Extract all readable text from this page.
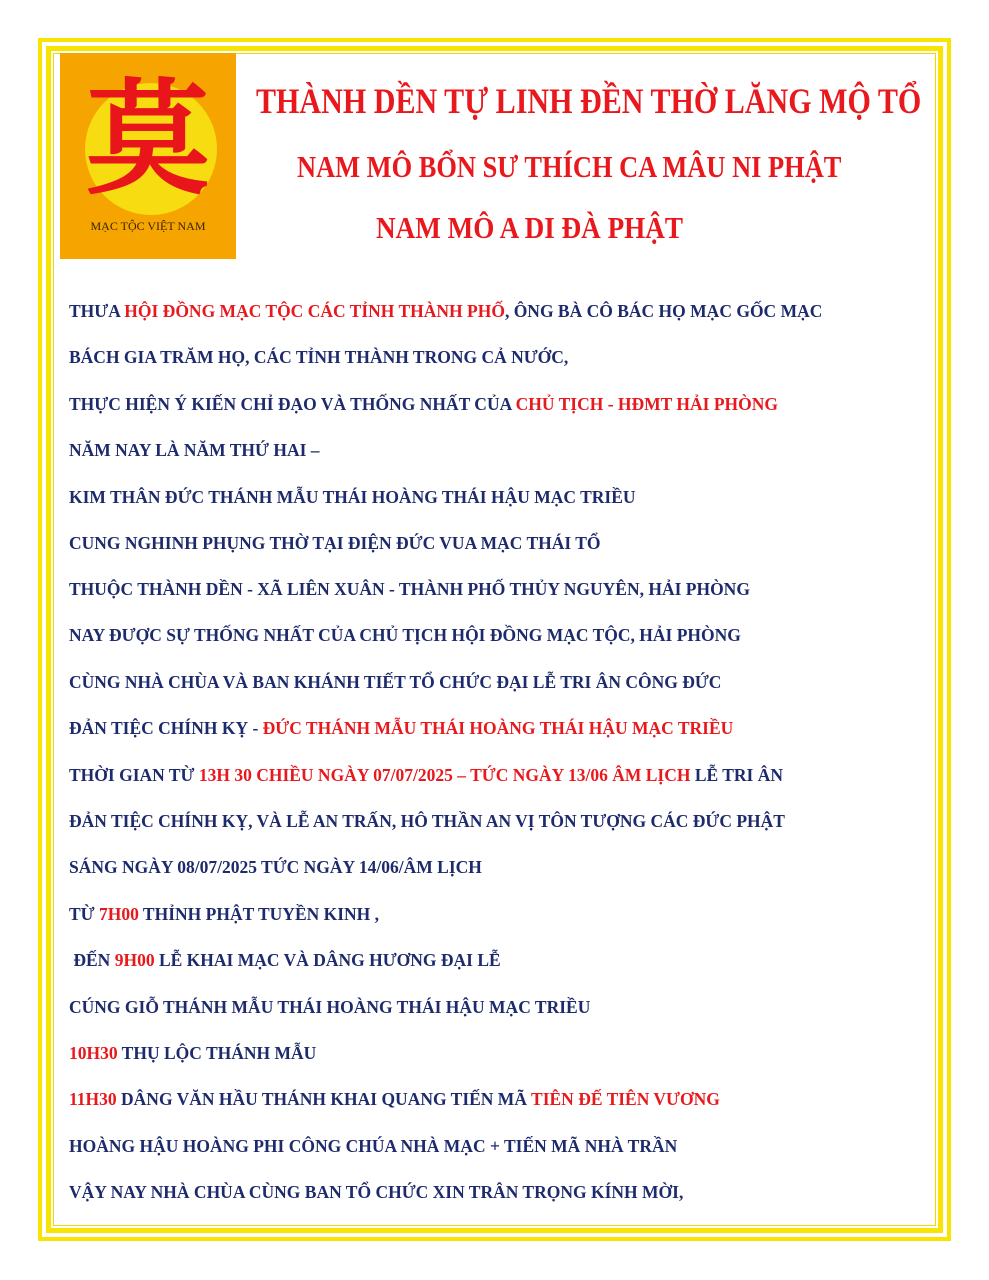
莫
MẠC TỘC VIỆT NAM
THÀNH DỀN TỰ LINH ĐỀN THỜ LĂNG MỘ TỔ
NAM MÔ BỔN SƯ THÍCH CA MÂU NI PHẬT
NAM MÔ A DI ĐÀ PHẬT
THƯA HỘI ĐỒNG MẠC TỘC CÁC TỈNH THÀNH PHỐ, ÔNG BÀ CÔ BÁC HỌ MẠC GỐC MẠC
BÁCH GIA TRĂM HỌ, CÁC TỈNH THÀNH TRONG CẢ NƯỚC,
THỰC HIỆN Ý KIẾN CHỈ ĐẠO VÀ THỐNG NHẤT CỦA CHỦ TỊCH - HĐMT HẢI PHÒNG
NĂM NAY LÀ NĂM THỨ HAI –
KIM THÂN ĐỨC THÁNH MẪU THÁI HOÀNG THÁI HẬU MẠC TRIỀU
CUNG NGHINH PHỤNG THỜ TẠI ĐIỆN ĐỨC VUA MẠC THÁI TỔ
THUỘC THÀNH DỀN - XÃ LIÊN XUÂN - THÀNH PHỐ THỦY NGUYÊN, HẢI PHÒNG
NAY ĐƯỢC SỰ THỐNG NHẤT CỦA CHỦ TỊCH HỘI ĐỒNG MẠC TỘC, HẢI PHÒNG
CÙNG NHÀ CHÙA VÀ BAN KHÁNH TIẾT TỔ CHỨC ĐẠI LỄ TRI ÂN CÔNG ĐỨC
ĐẢN TIỆC CHÍNH KỴ - ĐỨC THÁNH MẪU THÁI HOÀNG THÁI HẬU MẠC TRIỀU
THỜI GIAN TỪ 13H 30 CHIỀU NGÀY 07/07/2025 – TỨC NGÀY 13/06 ÂM LỊCH LỄ TRI ÂN
ĐẢN TIỆC CHÍNH KỴ, VÀ LỄ AN TRẤN, HÔ THẦN AN VỊ TÔN TƯỢNG CÁC ĐỨC PHẬT
SÁNG NGÀY 08/07/2025 TỨC NGÀY 14/06/ÂM LỊCH
TỪ 7H00 THỈNH PHẬT TUYỀN KINH ,
ĐẾN 9H00 LỄ KHAI MẠC VÀ DÂNG HƯƠNG ĐẠI LỄ
CÚNG GIỖ THÁNH MẪU THÁI HOÀNG THÁI HẬU MẠC TRIỀU
10H30 THỤ LỘC THÁNH MẪU
11H30 DÂNG VĂN HẦU THÁNH KHAI QUANG TIẾN MÃ TIÊN ĐẾ TIÊN VƯƠNG
HOÀNG HẬU HOÀNG PHI CÔNG CHÚA NHÀ MẠC + TIẾN MÃ NHÀ TRẦN
VẬY NAY NHÀ CHÙA CÙNG BAN TỔ CHỨC XIN TRÂN TRỌNG KÍNH MỜI,
